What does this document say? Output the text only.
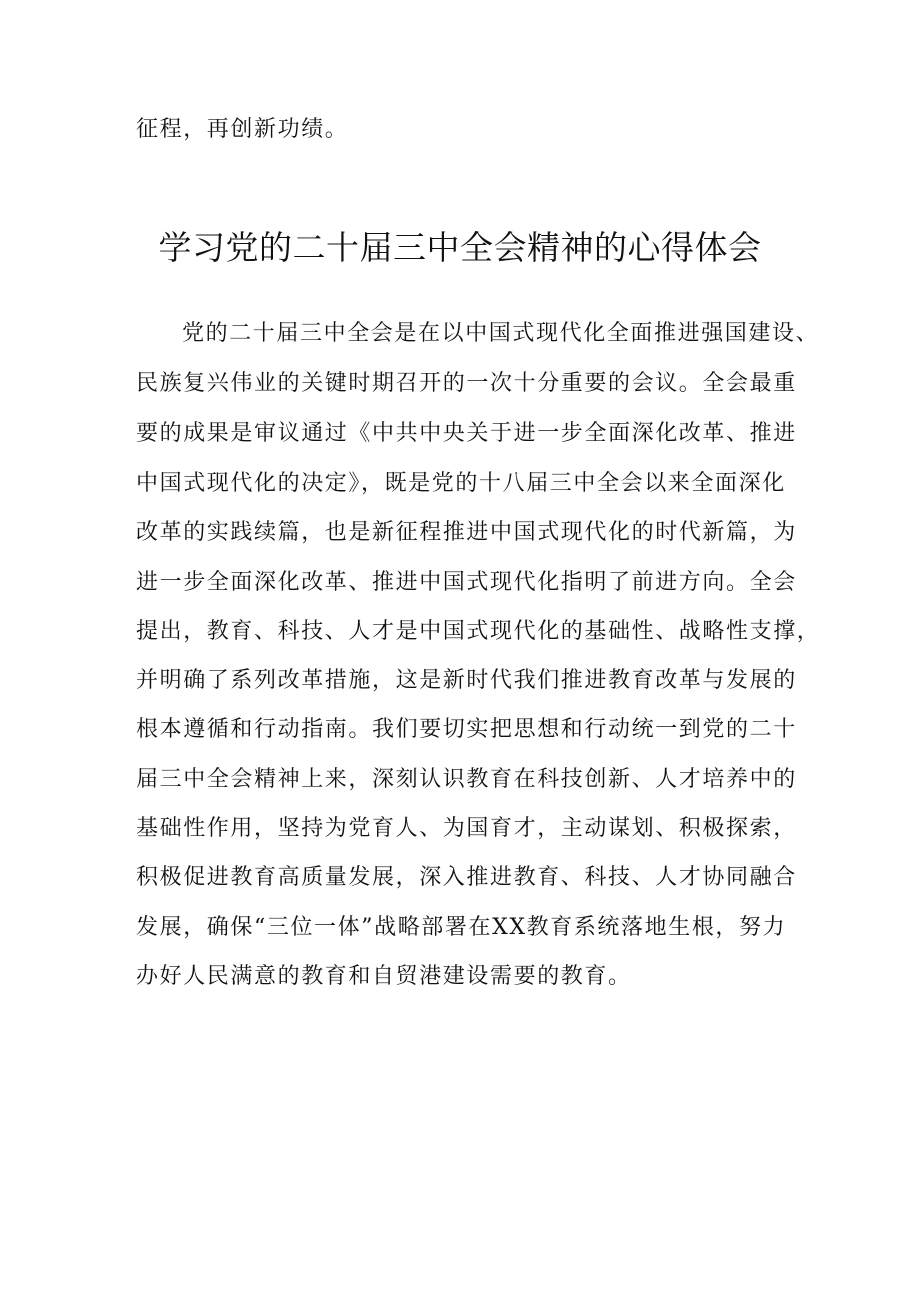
征程，再创新功绩。
学习党的二十届三中全会精神的心得体会
党的二十届三中全会是在以中国式现代化全面推进强国建设、
民族复兴伟业的关键时期召开的一次十分重要的会议。全会最重
要的成果是审议通过《中共中央关于进一步全面深化改革、推进
中国式现代化的决定》，既是党的十八届三中全会以来全面深化
改革的实践续篇，也是新征程推进中国式现代化的时代新篇，为
进一步全面深化改革、推进中国式现代化指明了前进方向。全会
提出，教育、科技、人才是中国式现代化的基础性、战略性支撑，
并明确了系列改革措施，这是新时代我们推进教育改革与发展的
根本遵循和行动指南。我们要切实把思想和行动统一到党的二十
届三中全会精神上来，深刻认识教育在科技创新、人才培养中的
基础性作用，坚持为党育人、为国育才，主动谋划、积极探索，
积极促进教育高质量发展，深入推进教育、科技、人才协同融合
发展，确保“三位一体”战略部署在XX教育系统落地生根，努力
办好人民满意的教育和自贸港建设需要的教育。
